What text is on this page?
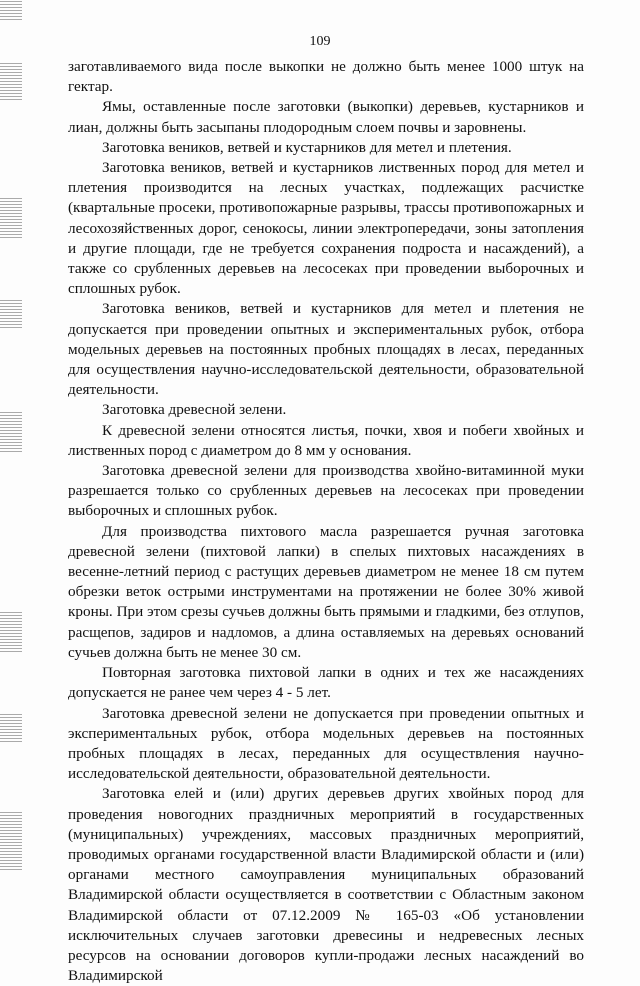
109

заготавливаемого вида после выкопки не должно быть менее 1000 штук на гектар.

Ямы, оставленные после заготовки (выкопки) деревьев, кустарников и лиан, должны быть засыпаны плодородным слоем почвы и заровнены.

Заготовка веников, ветвей и кустарников для метел и плетения.

Заготовка веников, ветвей и кустарников лиственных пород для метел и плетения производится на лесных участках, подлежащих расчистке (квартальные просеки, противопожарные разрывы, трассы противопожарных и лесохозяйственных дорог, сенокосы, линии электропередачи, зоны затопления и другие площади, где не требуется сохранения подроста и насаждений), а также со срубленных деревьев на лесосеках при проведении выборочных и сплошных рубок.

Заготовка веников, ветвей и кустарников для метел и плетения не допускается при проведении опытных и экспериментальных рубок, отбора модельных деревьев на постоянных пробных площадях в лесах, переданных для осуществления научно-исследовательской деятельности, образовательной деятельности.

Заготовка древесной зелени.

К древесной зелени относятся листья, почки, хвоя и побеги хвойных и лиственных пород с диаметром до 8 мм у основания.

Заготовка древесной зелени для производства хвойно-витаминной муки разрешается только со срубленных деревьев на лесосеках при проведении выборочных и сплошных рубок.

Для производства пихтового масла разрешается ручная заготовка древесной зелени (пихтовой лапки) в спелых пихтовых насаждениях в весенне-летний период с растущих деревьев диаметром не менее 18 см путем обрезки веток острыми инструментами на протяжении не более 30% живой кроны. При этом срезы сучьев должны быть прямыми и гладкими, без отлупов, расщепов, задиров и надломов, а длина оставляемых на деревьях оснований сучьев должна быть не менее 30 см.

Повторная заготовка пихтовой лапки в одних и тех же насаждениях допускается не ранее чем через 4 - 5 лет.

Заготовка древесной зелени не допускается при проведении опытных и экспериментальных рубок, отбора модельных деревьев на постоянных пробных площадях в лесах, переданных для осуществления научно-исследовательской деятельности, образовательной деятельности.

Заготовка елей и (или) других деревьев других хвойных пород для проведения новогодних праздничных мероприятий в государственных (муниципальных) учреждениях, массовых праздничных мероприятий, проводимых органами государственной власти Владимирской области и (или) органами местного самоуправления муниципальных образований Владимирской области осуществляется в соответствии с Областным законом Владимирской области от 07.12.2009 № 165-03 «Об установлении исключительных случаев заготовки древесины и недревесных лесных ресурсов на основании договоров купли-продажи лесных насаждений во Владимирской
